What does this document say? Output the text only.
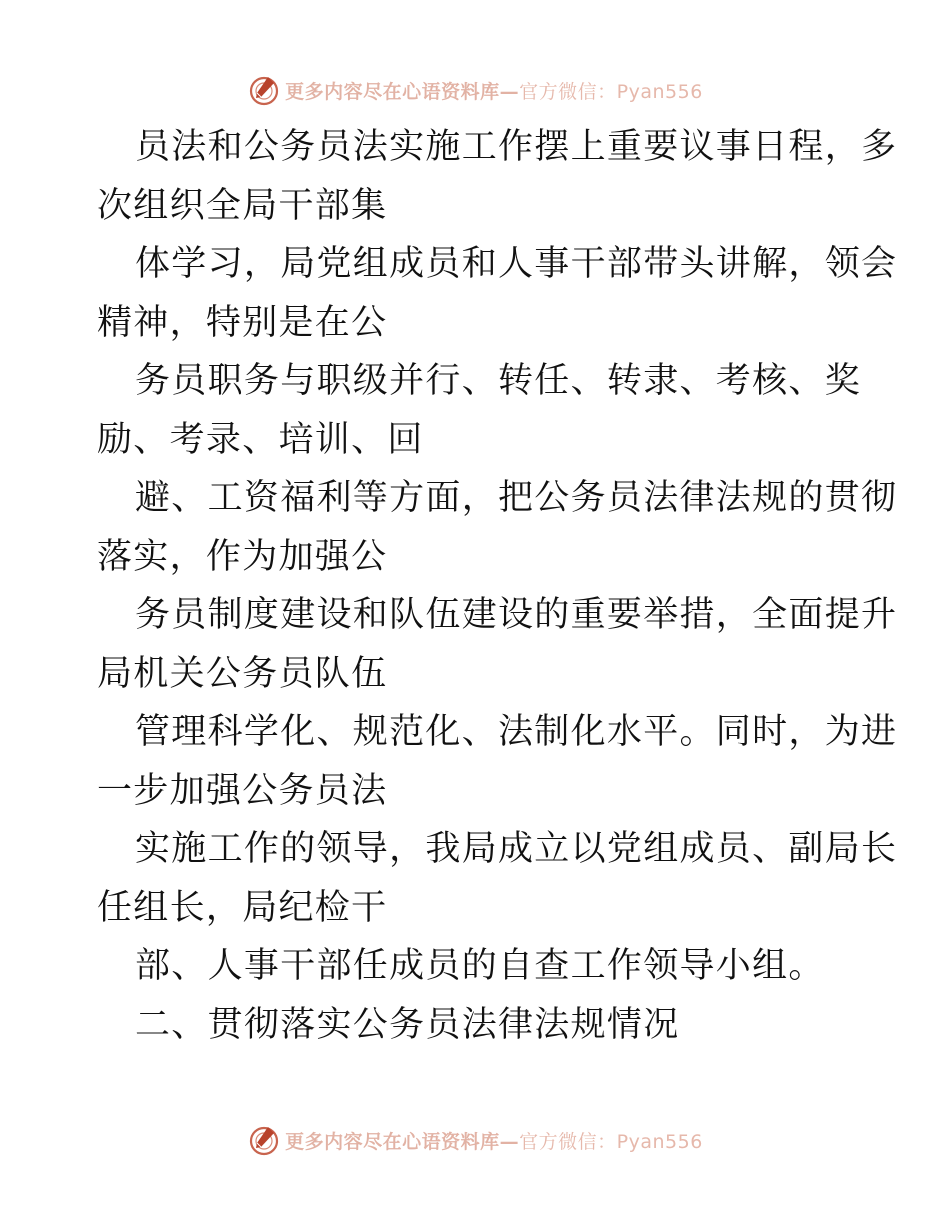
更多内容尽在心语资料库—官方微信：Pyan556
员法和公务员法实施工作摆上重要议事日程，多
次组织全局干部集
体学习，局党组成员和人事干部带头讲解，领会
精神，特别是在公
务员职务与职级并行、转任、转隶、考核、奖
励、考录、培训、回
避、工资福利等方面，把公务员法律法规的贯彻
落实，作为加强公
务员制度建设和队伍建设的重要举措，全面提升
局机关公务员队伍
管理科学化、规范化、法制化水平。同时，为进
一步加强公务员法
实施工作的领导，我局成立以党组成员、副局长
任组长，局纪检干
部、人事干部任成员的自查工作领导小组。
二、贯彻落实公务员法律法规情况
更多内容尽在心语资料库—官方微信：Pyan556
